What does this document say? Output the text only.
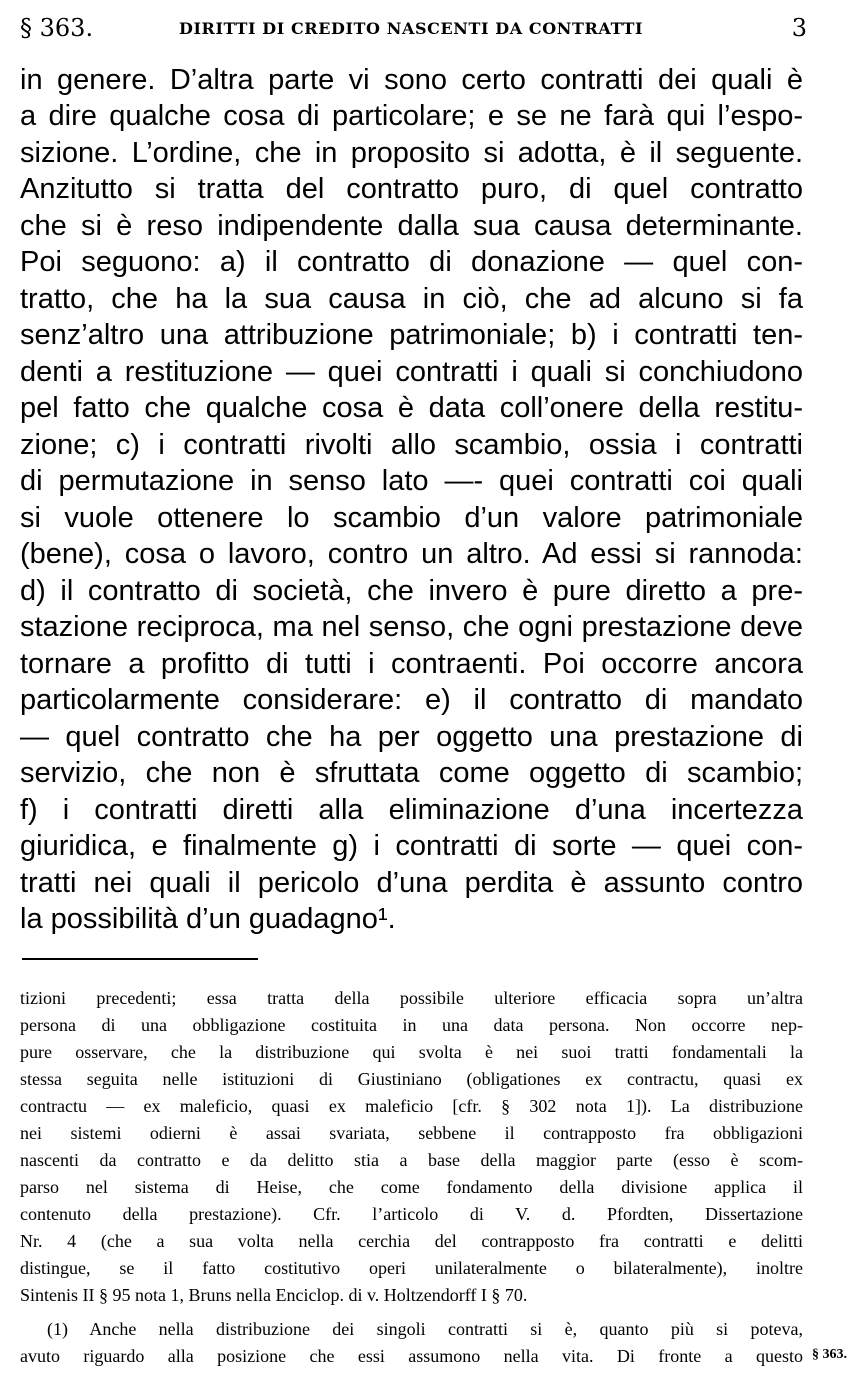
§ 363.	DIRITTI DI CREDITO NASCENTI DA CONTRATTI	3
in genere. D’altra parte vi sono certo contratti dei quali è
a dire qualche cosa di particolare; e se ne farà qui l’espo-
sizione. L’ordine, che in proposito si adotta, è il seguente.
Anzitutto si tratta del contratto puro, di quel contratto
che si è reso indipendente dalla sua causa determinante.
Poi seguono: a) il contratto di donazione — quel con-
tratto, che ha la sua causa in ciò, che ad alcuno si fa
senz’altro una attribuzione patrimoniale; b) i contratti ten-
denti a restituzione — quei contratti i quali si conchiudono
pel fatto che qualche cosa è data coll’onere della restitu-
zione; c) i contratti rivolti allo scambio, ossia i contratti
di permutazione in senso lato —- quei contratti coi quali
si vuole ottenere lo scambio d’un valore patrimoniale
(bene), cosa o lavoro, contro un altro. Ad essi si rannoda:
d) il contratto di società, che invero è pure diretto a pre-
stazione reciproca, ma nel senso, che ogni prestazione deve
tornare a profitto di tutti i contraenti. Poi occorre ancora
particolarmente considerare: e) il contratto di mandato
— quel contratto che ha per oggetto una prestazione di
servizio, che non è sfruttata come oggetto di scambio;
f) i contratti diretti alla eliminazione d’una incertezza
giuridica, e finalmente g) i contratti di sorte — quei con-
tratti nei quali il pericolo d’una perdita è assunto contro
la possibilità d’un guadagno¹.
tizioni precedenti; essa tratta della possibile ulteriore efficacia sopra un’altra
persona di una obbligazione costituita in una data persona. Non occorre nep-
pure osservare, che la distribuzione qui svolta è nei suoi tratti fondamentali la
stessa seguita nelle istituzioni di Giustiniano (obligationes ex contractu, quasi ex
contractu — ex maleficio, quasi ex maleficio [cfr. § 302 nota 1]). La distribuzione
nei sistemi odierni è assai svariata, sebbene il contrapposto fra obbligazioni
nascenti da contratto e da delitto stia a base della maggior parte (esso è scom-
parso nel sistema di Heise, che come fondamento della divisione applica il
contenuto della prestazione). Cfr. l’articolo di V. d. Pfordten, Dissertazione
Nr. 4 (che a sua volta nella cerchia del contrapposto fra contratti e delitti
distingue, se il fatto costitutivo operi unilateralmente o bilateralmente), inoltre
Sintenis II § 95 nota 1, Bruns nella Enciclop. di v. Holtzendorff I § 70.
(1) Anche nella distribuzione dei singoli contratti si è, quanto più si poteva,
avuto riguardo alla posizione che essi assumono nella vita. Di fronte a questo § 363.
